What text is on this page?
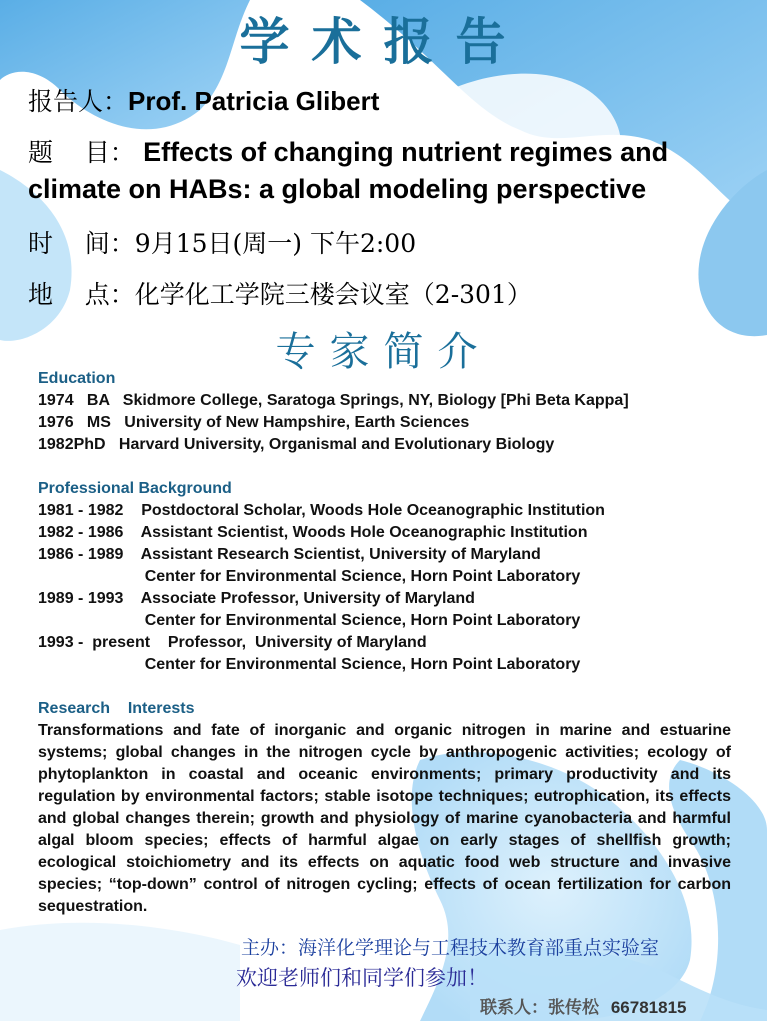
学术报告
报告人：Prof. Patricia Glibert
题    目： Effects of changing nutrient regimes and climate on HABs: a global modeling perspective
时    间：9月15日(周一) 下午2:00
地    点：化学化工学院三楼会议室（2-301）
专家简介
Education
1974   BA   Skidmore College, Saratoga Springs, NY, Biology [Phi Beta Kappa]
1976   MS   University of New Hampshire, Earth Sciences
1982PhD   Harvard University, Organismal and Evolutionary Biology
Professional Background
1981 - 1982    Postdoctoral Scholar, Woods Hole Oceanographic Institution
1982 - 1986    Assistant Scientist, Woods Hole Oceanographic Institution
1986 - 1989    Assistant Research Scientist, University of Maryland
Center for Environmental Science, Horn Point Laboratory
1989 - 1993    Associate Professor, University of Maryland
Center for Environmental Science, Horn Point Laboratory
1993 -  present    Professor,  University of Maryland
Center for Environmental Science, Horn Point Laboratory
Research    Interests
Transformations and fate of inorganic and organic nitrogen in marine and estuarine systems; global changes in the nitrogen cycle by anthropogenic activities; ecology of phytoplankton in coastal and oceanic environments; primary productivity and its regulation by environmental factors; stable isotope techniques; eutrophication, its effects and global changes therein; growth and physiology of marine cyanobacteria and harmful algal bloom species; effects of harmful algae on early stages of shellfish growth; ecological stoichiometry and its effects on aquatic food web structure and invasive species; “top-down” control of nitrogen cycling; effects of ocean fertilization for carbon sequestration.
主办：海洋化学理论与工程技术教育部重点实验室
欢迎老师们和同学们参加！
联系人：张传松 66781815
